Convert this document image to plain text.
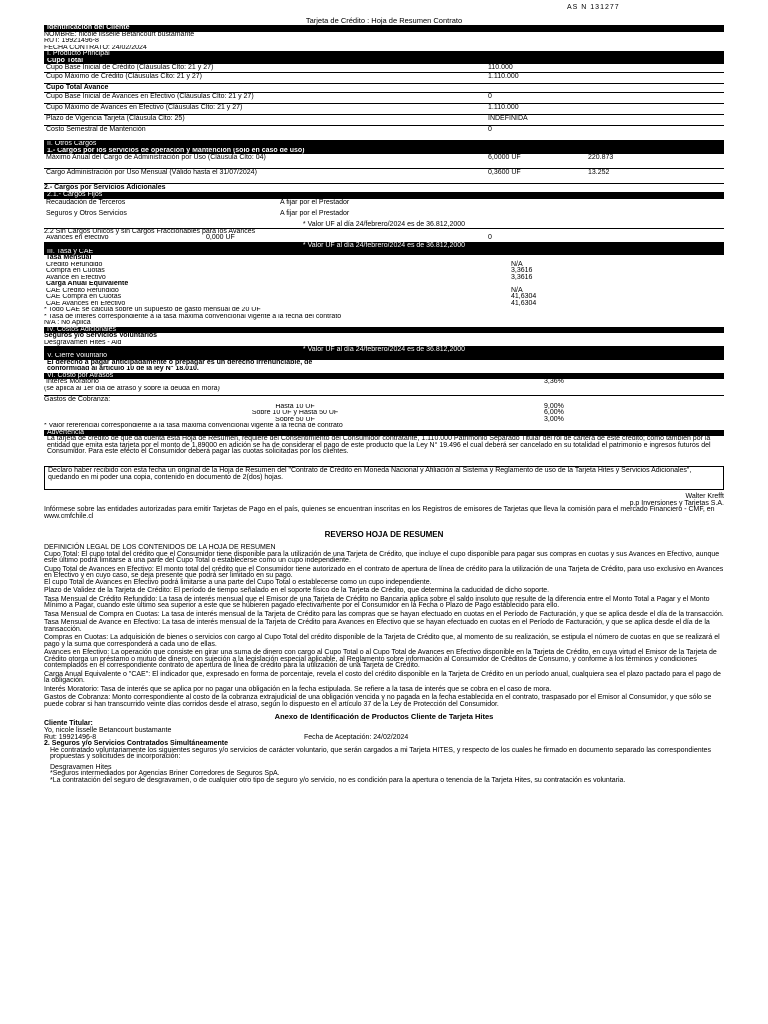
AS N 131277
Tarjeta de Crédito : Hoja de Resumen Contrato
Identificación del Cliente
NOMBRE: nicole lisselle Betancourt bustamante
RUT: 19921496-8
FECHA CONTRATO: 24/02/2024
I. Producto Principal
Cupo Total
Cupo Base Inicial de Crédito (Cláusulas Clto: 21 y 27)	110.000
Cupo Máximo de Crédito (Cláusulas Clto: 21 y 27)	1.110.000
Cupo Total Avance
Cupo Base Inicial de Avances en Efectivo (Cláusulas Clto: 21 y 27)	0
Cupo Máximo de Avances en Efectivo (Cláusulas Clto: 21 y 27)	1.110.000
Plazo de Vigencia Tarjeta (Cláusula Clto: 25)	INDEFINIDA
Costo Semestral de Mantención	0
II. Otros Cargos
1.- Cargos por los servicios de operación y Mantención (sólo en caso de uso)
Máximo Anual del Cargo de Administración por Uso (Cláusula Clto: 04)	6,0000 UF	220.873
Cargo Administración por Uso Mensual (Válido hasta el 31/07/2024)	0,3600 UF	13.252
2.- Cargos por Servicios Adicionales
2.1.- Cargos Fijos
Recaudación de Terceros	A fijar por el Prestador
Seguros y Otros Servicios	A fijar por el Prestador
* Valor UF al día 24/febrero/2024 es de 36.812,2000
2.2 Sin Cargos Únicos y sin Cargos Fraccionables para los Avances
Avances en efectivo	0,000 UF	0
* Valor UF al día 24/febrero/2024 es de 36.812,2000
III. Tasa y CAE
Tasa Mensual
Crédito Refundido	N/A
Compra en Cuotas	3,3616
Avance en Efectivo	3,3616
Carga Anual Equivalente
CAE Crédito Refundido	N/A
CAE Compra en Cuotas	41,6304
CAE Avances en Efectivo	41,6304
* Todo CAE se calcula sobre un supuesto de gasto mensual de 20 UF
* Tasa de interés correspondiente a la tasa máxima convencional vigente a la fecha del contrato
N/A : No Aplica
IV. Costos Adicionales
Seguros y/o Servicios Voluntarios
Desgravamen Hites - Ald
* Valor UF al día 24/febrero/2024 es de 36.812,2000
V. Cierre Voluntario
El derecho a pagar anticipadamente o prepagar es un derecho irrenunciable, de
conformidad al artículo 10 de la ley N° 18.010.
VI. Costo por Atrasos
Interés Moratorio	3,36%
(se aplica al 1er día de atraso y sobre la deuda en mora)
Gastos de Cobranza:
Hasta 10 UF	9,00%
Sobre 10 UF y Hasta 50 UF	6,00%
Sobre 50 UF	3,00%
* Valor referencial correspondiente a la tasa máxima convencional vigente a la fecha de contrato
Advertencia
La tarjeta de crédito de que da cuenta esta Hoja de Resumen, requiere del Consentimiento del Consumidor contratante, 1.110.000 Patrimonio Separado Titular del rol de cartera de este crédito; como también por la entidad que emita esta tarjeta por el monto de 1.89000 en adición se ha de considerar el pago de este producto que la Ley N° 19.496 el cual deberá ser cancelado en su totalidad el patrimonio e ingresos futuros del Consumidor. Para este efecto el Consumidor deberá pagar las cuotas solicitadas por los clientes.
Declaro haber recibido con esta fecha un original de la Hoja de Resumen del "Contrato de Crédito en Moneda Nacional y Afiliación al Sistema y Reglamento de uso de la Tarjeta Hites y Servicios Adicionales", quedando en mi poder una copia, contenido en documento de 2(dos) hojas.
Walter Krefft
p.p Inversiones y Tarjetas S.A.

Infórmese sobre las entidades autorizadas para emitir Tarjetas de Pago en el país, quienes se encuentran inscritas en los Registros de emisores de Tarjetas que lleva la comisión para el mercado Financiero - CMF, en www.cmfchile.cl

REVERSO HOJA DE RESUMEN

DEFINICIÓN LEGAL DE LOS CONTENIDOS DE LA HOJA DE RESUMEN

Cupo Total: El cupo total del crédito que el Consumidor tiene disponible para la utilización de una Tarjeta de Crédito, que incluye el cupo disponible para pagar sus compras en cuotas y sus Avances en Efectivo, aunque este último podrá limitarse a una parte del Cupo Total o establecerse como un cupo independiente.

Cupo Total de Avances en Efectivo: El monto total del crédito que el Consumidor tiene autorizado en el contrato de apertura de línea de crédito para la utilización de una Tarjeta de Crédito, para uso exclusivo en Avances en Efectivo y en cuyo caso, se deja presente que podrá ser limitado en su pago.

El cupo Total de Avances en Efectivo podrá limitarse a una parte del Cupo Total o establecerse como un cupo independiente.

Plazo de Validez de la Tarjeta de Crédito: El período de tiempo señalado en el soporte físico de la Tarjeta de Crédito, que determina la caducidad de dicho soporte.

Tasa Mensual de Crédito Refundido: La tasa de interés mensual que el Emisor de una Tarjeta de Crédito no Bancaria aplica sobre el saldo insoluto que resulte de la diferencia entre el Monto Total a Pagar y el Monto Mínimo a Pagar, cuando este último sea superior a este que se hubieren pagado efectivamente por el Consumidor en la Fecha o Plazo de Pago establecido para ello.

Tasa Mensual de Compra en Cuotas: La tasa de interés mensual de la Tarjeta de Crédito para las compras que se hayan efectuado en cuotas en el Período de Facturación, y que se aplica desde el día de la transacción.

Tasa Mensual de Avance en Efectivo: La tasa de interés mensual de la Tarjeta de Crédito para Avances en Efectivo que se hayan efectuado en cuotas en el Período de Facturación, y que se aplica desde el día de la transacción.

Compras en Cuotas: La adquisición de bienes o servicios con cargo al Cupo Total del crédito disponible de la Tarjeta de Crédito que, al momento de su realización, se estipula el número de cuotas en que se realizará el pago y la suma que corresponderá a cada uno de ellas.

Avances en Efectivo: La operación que consiste en girar una suma de dinero con cargo al Cupo Total o al Cupo Total de Avances en Efectivo disponible en la Tarjeta de Crédito, en cuya virtud el Emisor de la Tarjeta de Crédito otorga un préstamo o mutuo de dinero, con sujeción a la legislación especial aplicable, al Reglamento sobre información al Consumidor de Créditos de Consumo, y conforme a los términos y condiciones contemplados en el correspondiente contrato de apertura de línea de crédito para la utilización de una Tarjeta de Crédito.

Carga Anual Equivalente o "CAE": El indicador que, expresado en forma de porcentaje, revela el costo del crédito disponible en la Tarjeta de Crédito en un período anual, cualquiera sea el plazo pactado para el pago de la obligación.

Interés Moratorio: Tasa de interés que se aplica por no pagar una obligación en la fecha estipulada. Se refiere a la tasa de interés que se cobra en el caso de mora.

Gastos de Cobranza: Monto correspondiente al costo de la cobranza extrajudicial de una obligación vencida y no pagada en la fecha establecida en el contrato, traspasado por el Emisor al Consumidor, y que sólo se puede cobrar si han transcurrido veinte días corridos desde el atraso, según lo dispuesto en el artículo 37 de la Ley de Protección del Consumidor.

Anexo de Identificación de Productos Cliente de Tarjeta Hites
Cliente Titular:
Yo, nicole lisselle Betancourt bustamante
Rut: 19921496-8	Fecha de Aceptación: 24/02/2024
2. Seguros y/o Servicios Contratados Simultáneamente

He contratado voluntariamente los siguientes seguros y/o servicios de carácter voluntario, que serán cargados a mi Tarjeta HITES, y respecto de los cuales he firmado en documento separado las correspondientes propuestas y solicitudes de incorporación:

Desgravamen Hites
*Seguros intermediados por Agencias Briner Corredores de Seguros SpA.
*La contratación del seguro de desgravamen, o de cualquier otro tipo de seguro y/o servicio, no es condición para la apertura o tenencia de la Tarjeta Hites, su contratación es voluntaria.
